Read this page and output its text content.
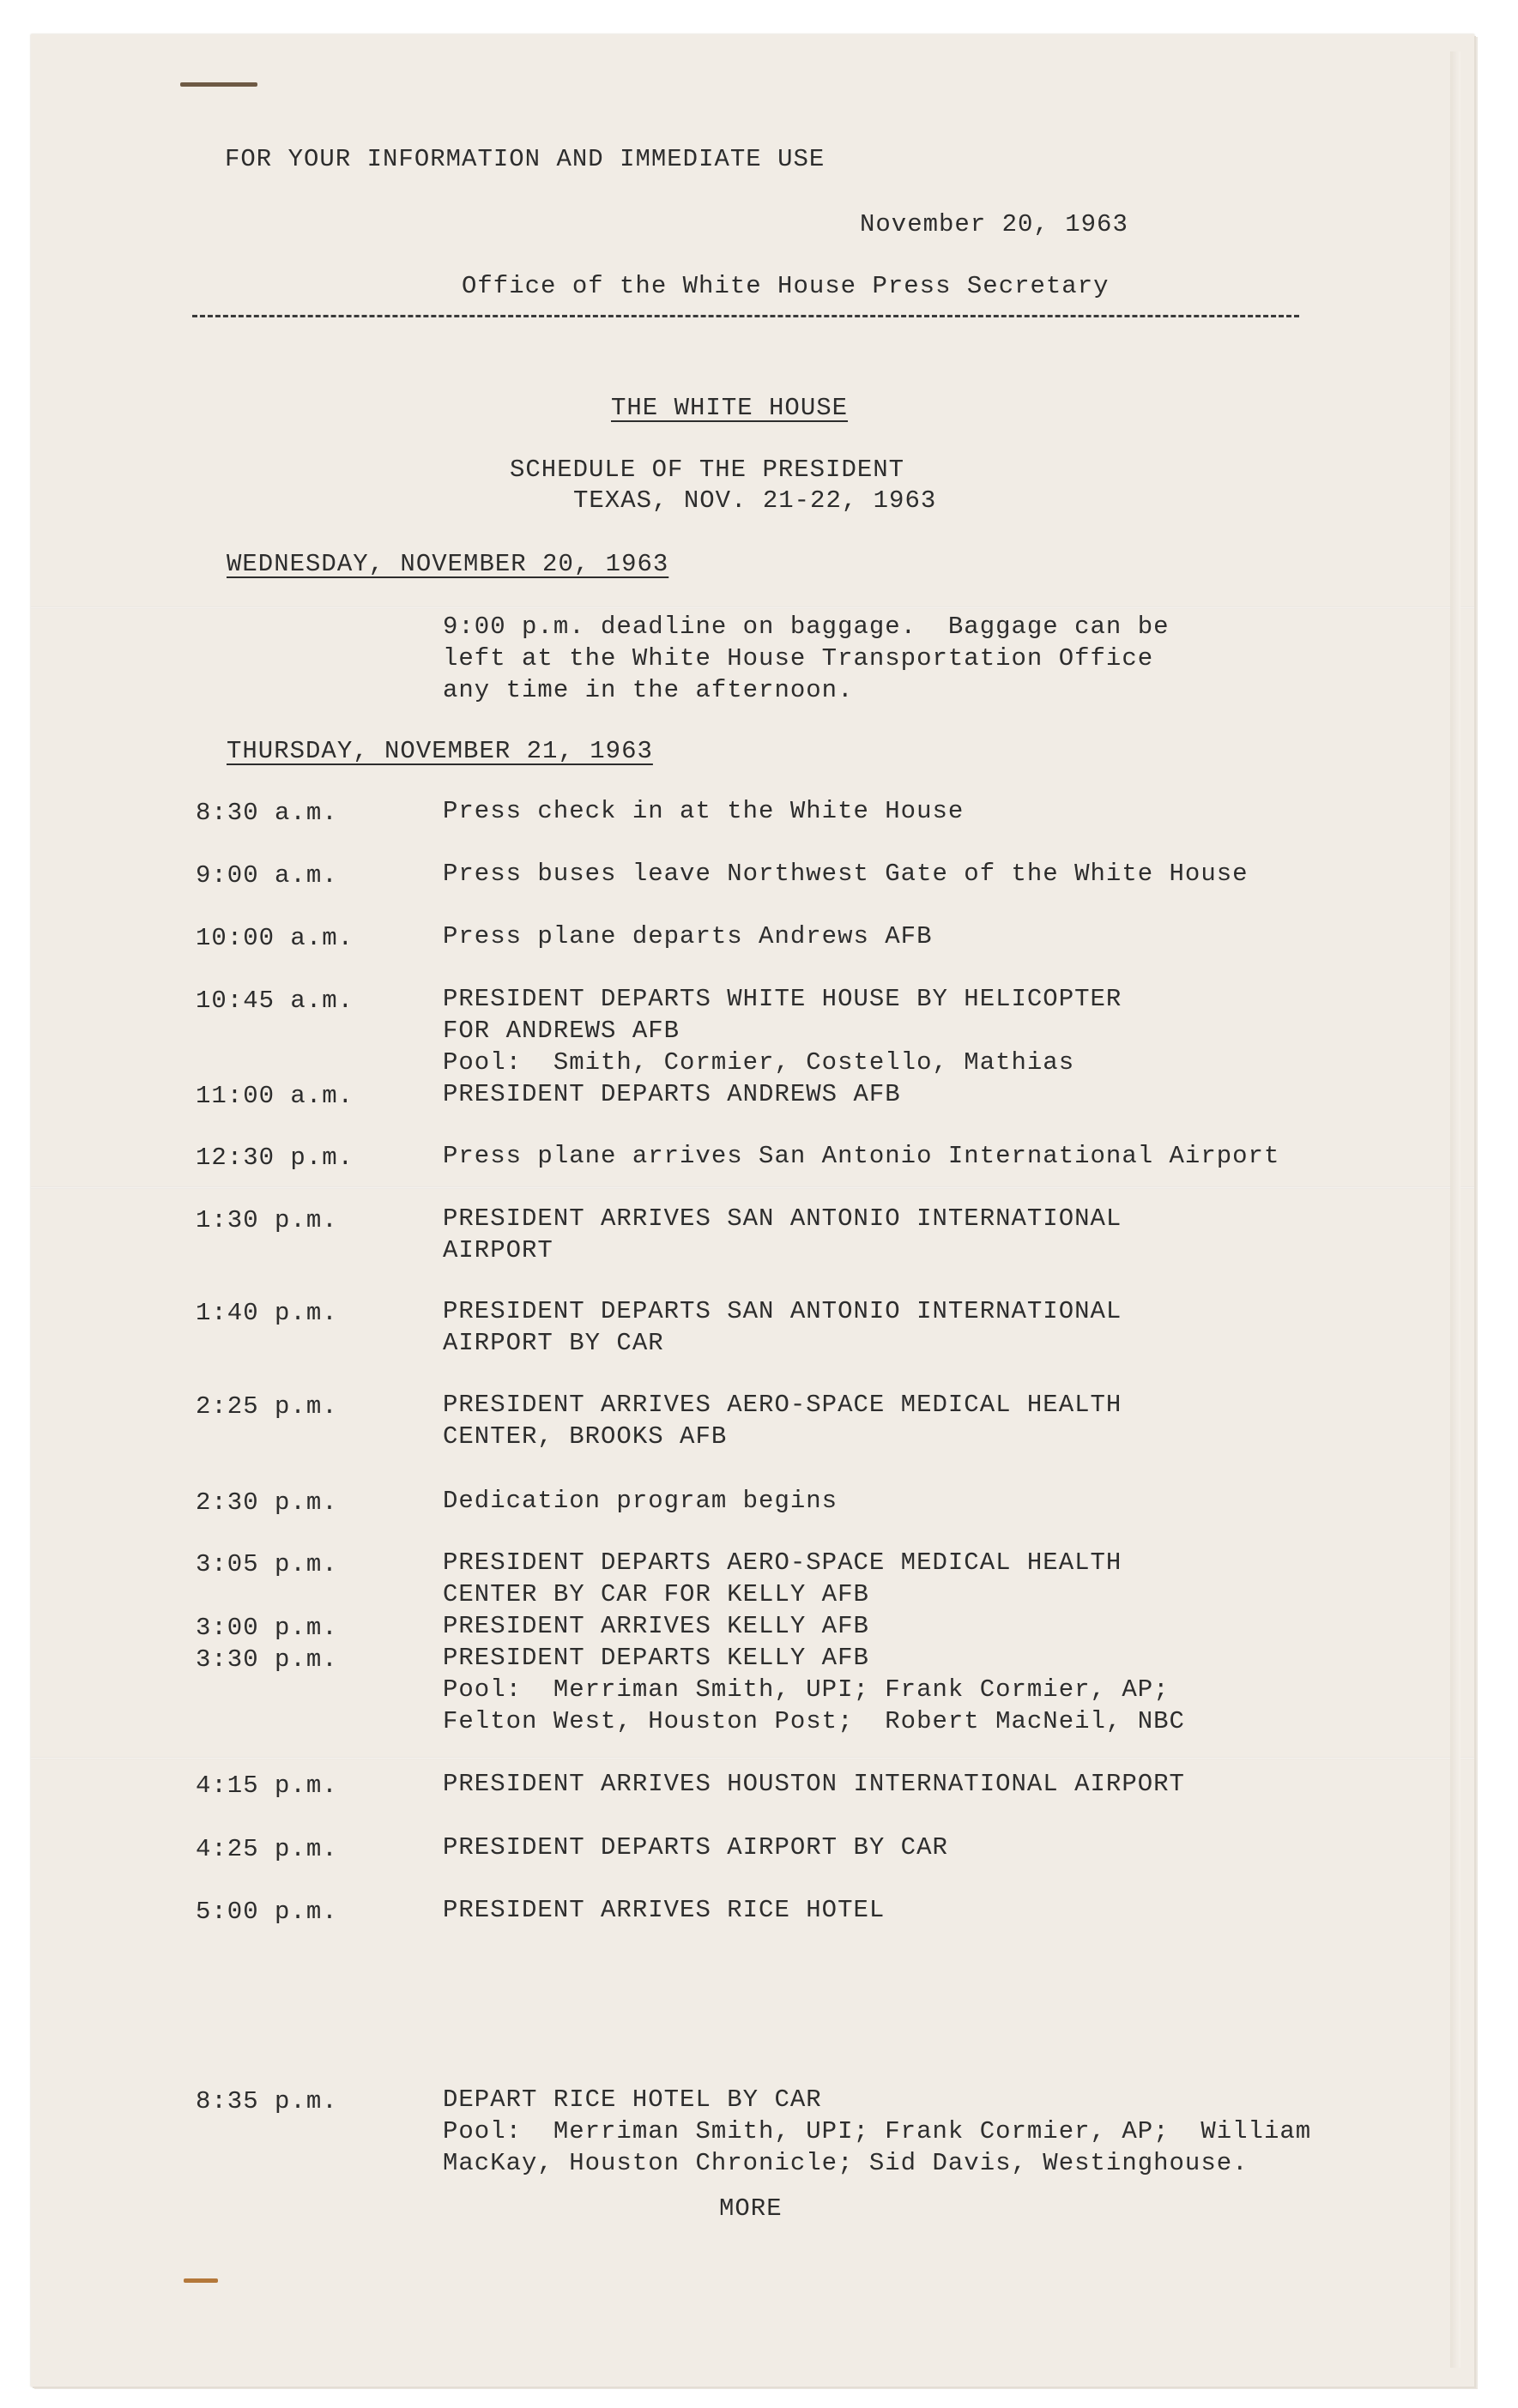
FOR YOUR INFORMATION AND IMMEDIATE USE
November 20, 1963
Office of the White House Press Secretary
THE WHITE HOUSE
SCHEDULE OF THE PRESIDENT
TEXAS, NOV. 21-22, 1963
WEDNESDAY, NOVEMBER 20, 1963
9:00 p.m. deadline on baggage.  Baggage can be
left at the White House Transportation Office
any time in the afternoon.
THURSDAY, NOVEMBER 21, 1963
8:30 a.m.	Press check in at the White House
9:00 a.m.	Press buses leave Northwest Gate of the White House
10:00 a.m.	Press plane departs Andrews AFB
10:45 a.m.	PRESIDENT DEPARTS WHITE HOUSE BY HELICOPTER
FOR ANDREWS AFB
Pool:  Smith, Cormier, Costello, Mathias
11:00 a.m.	PRESIDENT DEPARTS ANDREWS AFB
12:30 p.m.	Press plane arrives San Antonio International Airport
1:30 p.m.	PRESIDENT ARRIVES SAN ANTONIO INTERNATIONAL
AIRPORT
1:40 p.m.	PRESIDENT DEPARTS SAN ANTONIO INTERNATIONAL
AIRPORT BY CAR
2:25 p.m.	PRESIDENT ARRIVES AERO-SPACE MEDICAL HEALTH
CENTER, BROOKS AFB
2:30 p.m.	Dedication program begins
3:05 p.m.	PRESIDENT DEPARTS AERO-SPACE MEDICAL HEALTH
CENTER BY CAR FOR KELLY AFB
3:00 p.m.	PRESIDENT ARRIVES KELLY AFB
3:30 p.m.	PRESIDENT DEPARTS KELLY AFB
Pool:  Merriman Smith, UPI; Frank Cormier, AP;
Felton West, Houston Post;  Robert MacNeil, NBC
4:15 p.m.	PRESIDENT ARRIVES HOUSTON INTERNATIONAL AIRPORT
4:25 p.m.	PRESIDENT DEPARTS AIRPORT BY CAR
5:00 p.m.	PRESIDENT ARRIVES RICE HOTEL
8:35 p.m.	DEPART RICE HOTEL BY CAR
Pool:  Merriman Smith, UPI; Frank Cormier, AP;  William
MacKay, Houston Chronicle; Sid Davis, Westinghouse.
MORE
